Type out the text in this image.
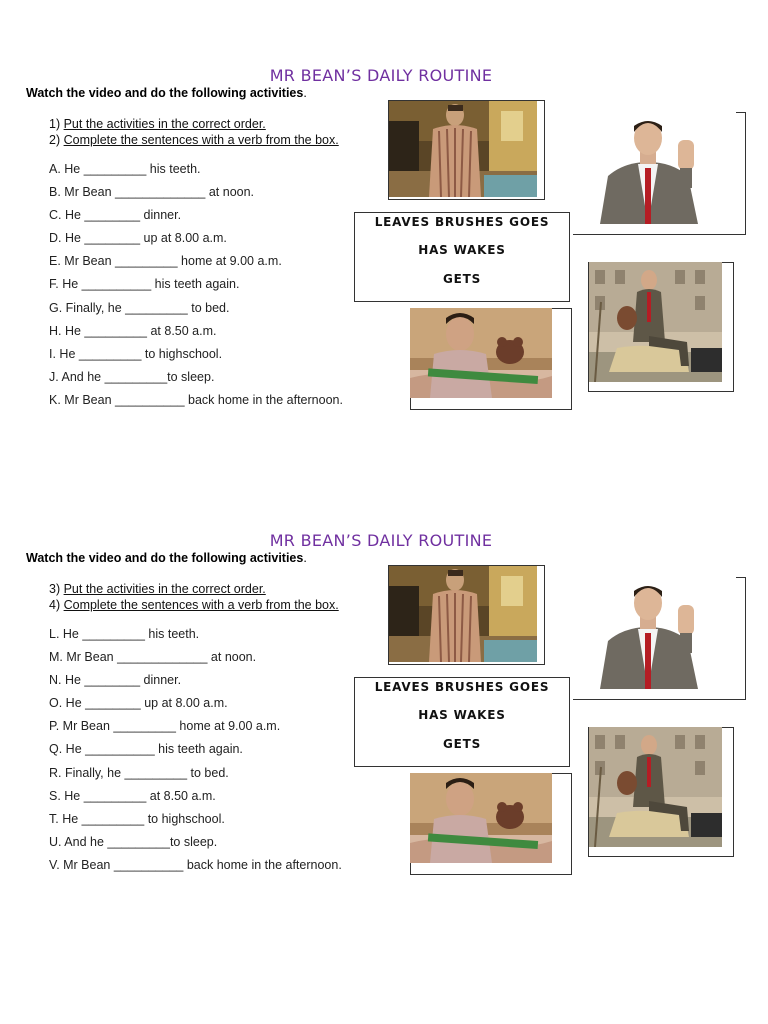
MR BEAN’S DAILY ROUTINE
Watch the video and do the following activities.
1) Put the activities in the correct order.
2) Complete the sentences with a verb from the box.
A. He _________ his teeth.
B. Mr Bean _____________ at noon.
C. He ________ dinner.
D. He ________ up at 8.00 a.m.
E. Mr Bean _________ home at 9.00 a.m.
F. He __________ his teeth again.
G. Finally, he _________ to bed.
H. He _________ at 8.50 a.m.
I. He _________ to highschool.
J. And he _________to sleep.
K. Mr Bean __________ back home in the afternoon.
LEAVES BRUSHES GOES
HAS WAKES
GETS
MR BEAN’S DAILY ROUTINE
Watch the video and do the following activities.
3) Put the activities in the correct order.
4) Complete the sentences with a verb from the box.
L. He _________ his teeth.
M. Mr Bean _____________ at noon.
N. He ________ dinner.
O. He ________ up at 8.00 a.m.
P. Mr Bean _________ home at 9.00 a.m.
Q. He __________ his teeth again.
R. Finally, he _________ to bed.
S. He _________ at 8.50 a.m.
T. He _________ to highschool.
U. And he _________to sleep.
V. Mr Bean __________ back home in the afternoon.
LEAVES BRUSHES GOES
HAS WAKES
GETS
